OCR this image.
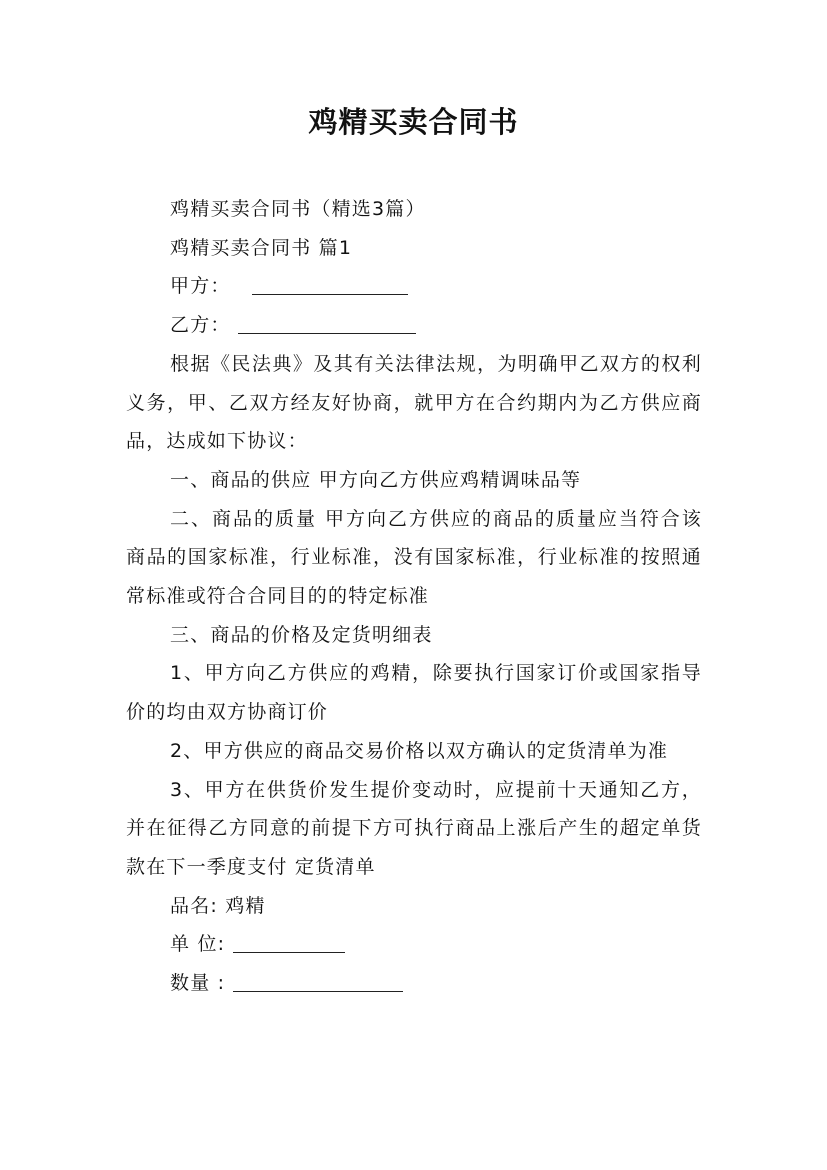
鸡精买卖合同书

鸡精买卖合同书（精选3篇）

鸡精买卖合同书 篇1

甲方：

乙方：

根据《民法典》及其有关法律法规，为明确甲乙双方的权利义务，甲、乙双方经友好协商，就甲方在合约期内为乙方供应商品，达成如下协议：

一、商品的供应 甲方向乙方供应鸡精调味品等

二、商品的质量 甲方向乙方供应的商品的质量应当符合该商品的国家标准，行业标准，没有国家标准，行业标准的按照通常标准或符合合同目的的特定标准

三、商品的价格及定货明细表

1、甲方向乙方供应的鸡精，除要执行国家订价或国家指导价的均由双方协商订价

2、甲方供应的商品交易价格以双方确认的定货清单为准

3、甲方在供货价发生提价变动时，应提前十天通知乙方，并在征得乙方同意的前提下方可执行商品上涨后产生的超定单货款在下一季度支付 定货清单

品名: 鸡精

单 位:

数量 :
